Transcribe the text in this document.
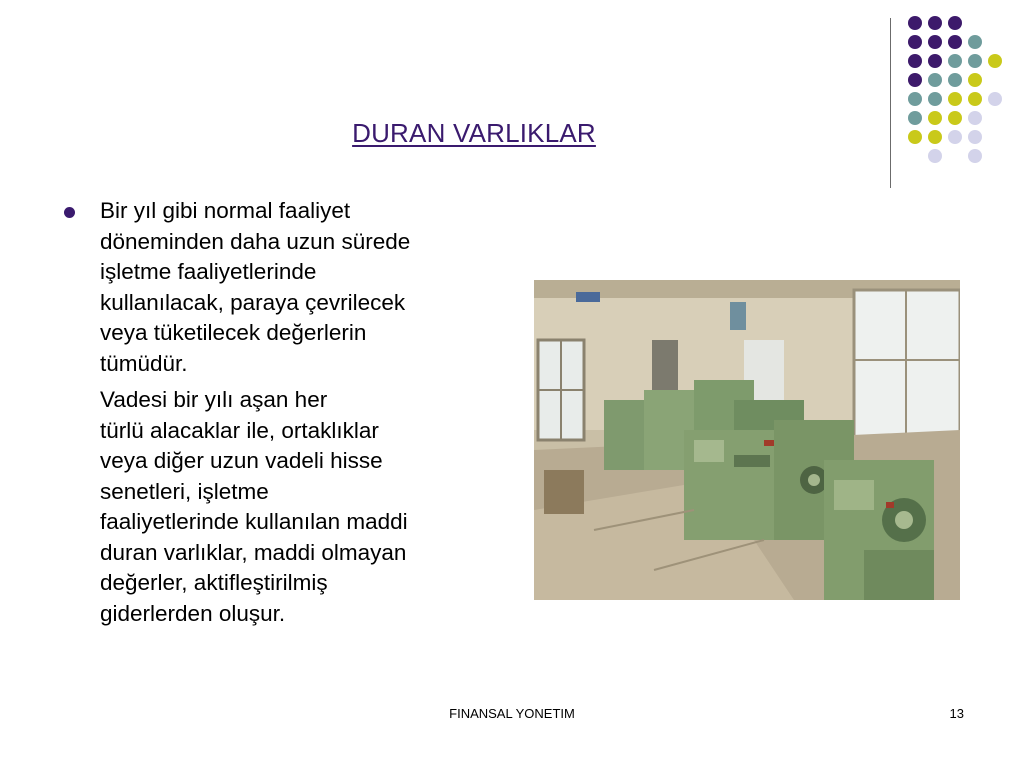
DURAN VARLIKLAR
Bir yıl gibi normal faaliyet
döneminden daha uzun sürede
işletme faaliyetlerinde
kullanılacak, paraya çevrilecek
veya tüketilecek değerlerin
tümüdür.
Vadesi bir yılı aşan her
türlü alacaklar ile, ortaklıklar
veya diğer uzun vadeli hisse
senetleri, işletme
faaliyetlerinde kullanılan maddi
duran varlıklar, maddi olmayan
değerler, aktifleştirilmiş
giderlerden oluşur.
FINANSAL YONETIM	13
